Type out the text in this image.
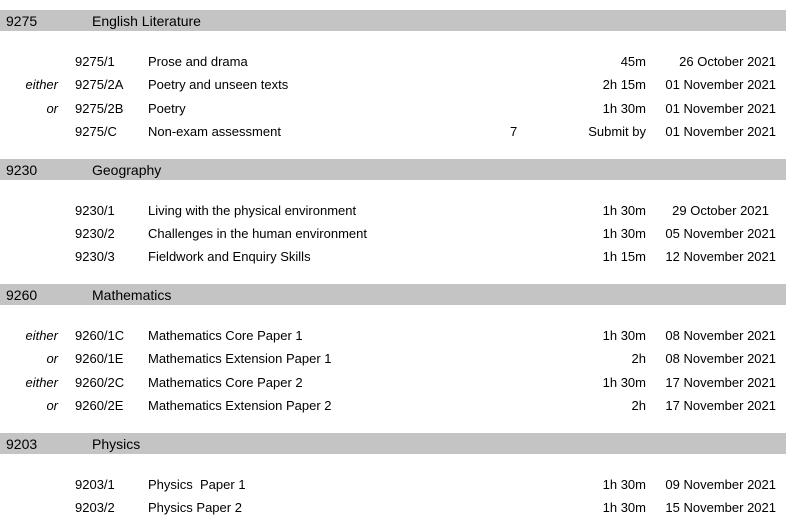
9275	English Literature
9275/1	Prose and drama	45m	26 October 2021
either 9275/2A Poetry and unseen texts	2h 15m 01 November 2021
or 9275/2B Poetry	1h 30m 01 November 2021
9275/C Non-exam assessment	7	Submit by 01 November 2021
9230	Geography
9230/1	Living with the physical environment	1h 30m 29 October 2021
9230/2	Challenges in the human environment	1h 30m 05 November 2021
9230/3	Fieldwork and Enquiry Skills	1h 15m 12 November 2021
9260	Mathematics
either 9260/1C Mathematics Core Paper 1	1h 30m 08 November 2021
or 9260/1E Mathematics Extension Paper 1	2h 08 November 2021
either 9260/2C Mathematics Core Paper 2	1h 30m 17 November 2021
or 9260/2E Mathematics Extension Paper 2	2h 17 November 2021
9203	Physics
9203/1	Physics  Paper 1	1h 30m 09 November 2021
9203/2	Physics Paper 2	1h 30m 15 November 2021
